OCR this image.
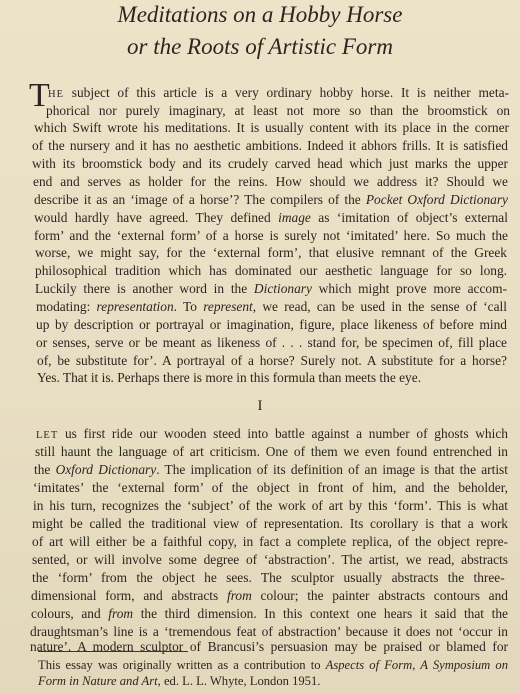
Meditations on a Hobby Horse
or the Roots of Artistic Form
T
HE subject of this article is a very ordinary hobby horse. It is neither meta-
phorical nor purely imaginary, at least not more so than the broomstick on
which Swift wrote his meditations. It is usually content with its place in the corner
of the nursery and it has no aesthetic ambitions. Indeed it abhors frills. It is satisfied
with its broomstick body and its crudely carved head which just marks the upper
end and serves as holder for the reins. How should we address it? Should we
describe it as an ‘image of a horse’? The compilers of the Pocket Oxford Dictionary
would hardly have agreed. They defined image as ‘imitation of object’s external
form’ and the ‘external form’ of a horse is surely not ‘imitated’ here. So much the
worse, we might say, for the ‘external form’, that elusive remnant of the Greek
philosophical tradition which has dominated our aesthetic language for so long.
Luckily there is another word in the Dictionary which might prove more accom-
modating: representation. To represent, we read, can be used in the sense of ‘call
up by description or portrayal or imagination, figure, place likeness of before mind
or senses, serve or be meant as likeness of . . . stand for, be specimen of, fill place
of, be substitute for’. A portrayal of a horse? Surely not. A substitute for a horse?
Yes. That it is. Perhaps there is more in this formula than meets the eye.
I
LET us first ride our wooden steed into battle against a number of ghosts which
still haunt the language of art criticism. One of them we even found entrenched in
the Oxford Dictionary. The implication of its definition of an image is that the artist
‘imitates’ the ‘external form’ of the object in front of him, and the beholder,
in his turn, recognizes the ‘subject’ of the work of art by this ‘form’. This is what
might be called the traditional view of representation. Its corollary is that a work
of art will either be a faithful copy, in fact a complete replica, of the object repre-
sented, or will involve some degree of ‘abstraction’. The artist, we read, abstracts
the ‘form’ from the object he sees. The sculptor usually abstracts the three-
dimensional form, and abstracts from colour; the painter abstracts contours and
colours, and from the third dimension. In this context one hears it said that the
draughtsman’s line is a ‘tremendous feat of abstraction’ because it does not ‘occur in
nature’. A modern sculptor of Brancusi’s persuasion may be praised or blamed for
This essay was originally written as a contribution to Aspects of Form, A Symposium on
Form in Nature and Art, ed. L. L. Whyte, London 1951.
